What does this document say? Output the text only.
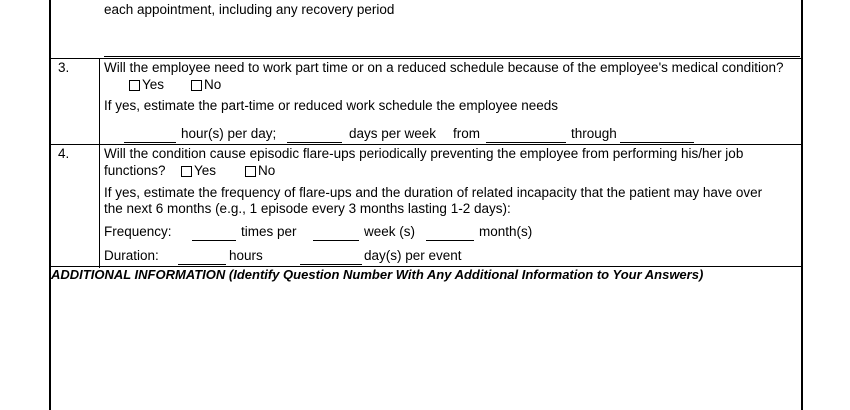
each appointment, including any recovery period
3.	Will the employee need to work part time or on a reduced schedule because of the employee's medical condition?
Yes	No
If yes, estimate the part-time or reduced work schedule the employee needs
hour(s) per day;	days per week from	through
4.	Will the condition cause episodic flare-ups periodically preventing the employee from performing his/her job
functions? Yes	No
If yes, estimate the frequency of flare-ups and the duration of related incapacity that the patient may have over
the next 6 months (e.g., 1 episode every 3 months lasting 1-2 days):
Frequency:	times per	week (s)	month(s)
Duration:	hours	day(s) per event
ADDITIONAL INFORMATION (Identify Question Number With Any Additional Information to Your Answers)
